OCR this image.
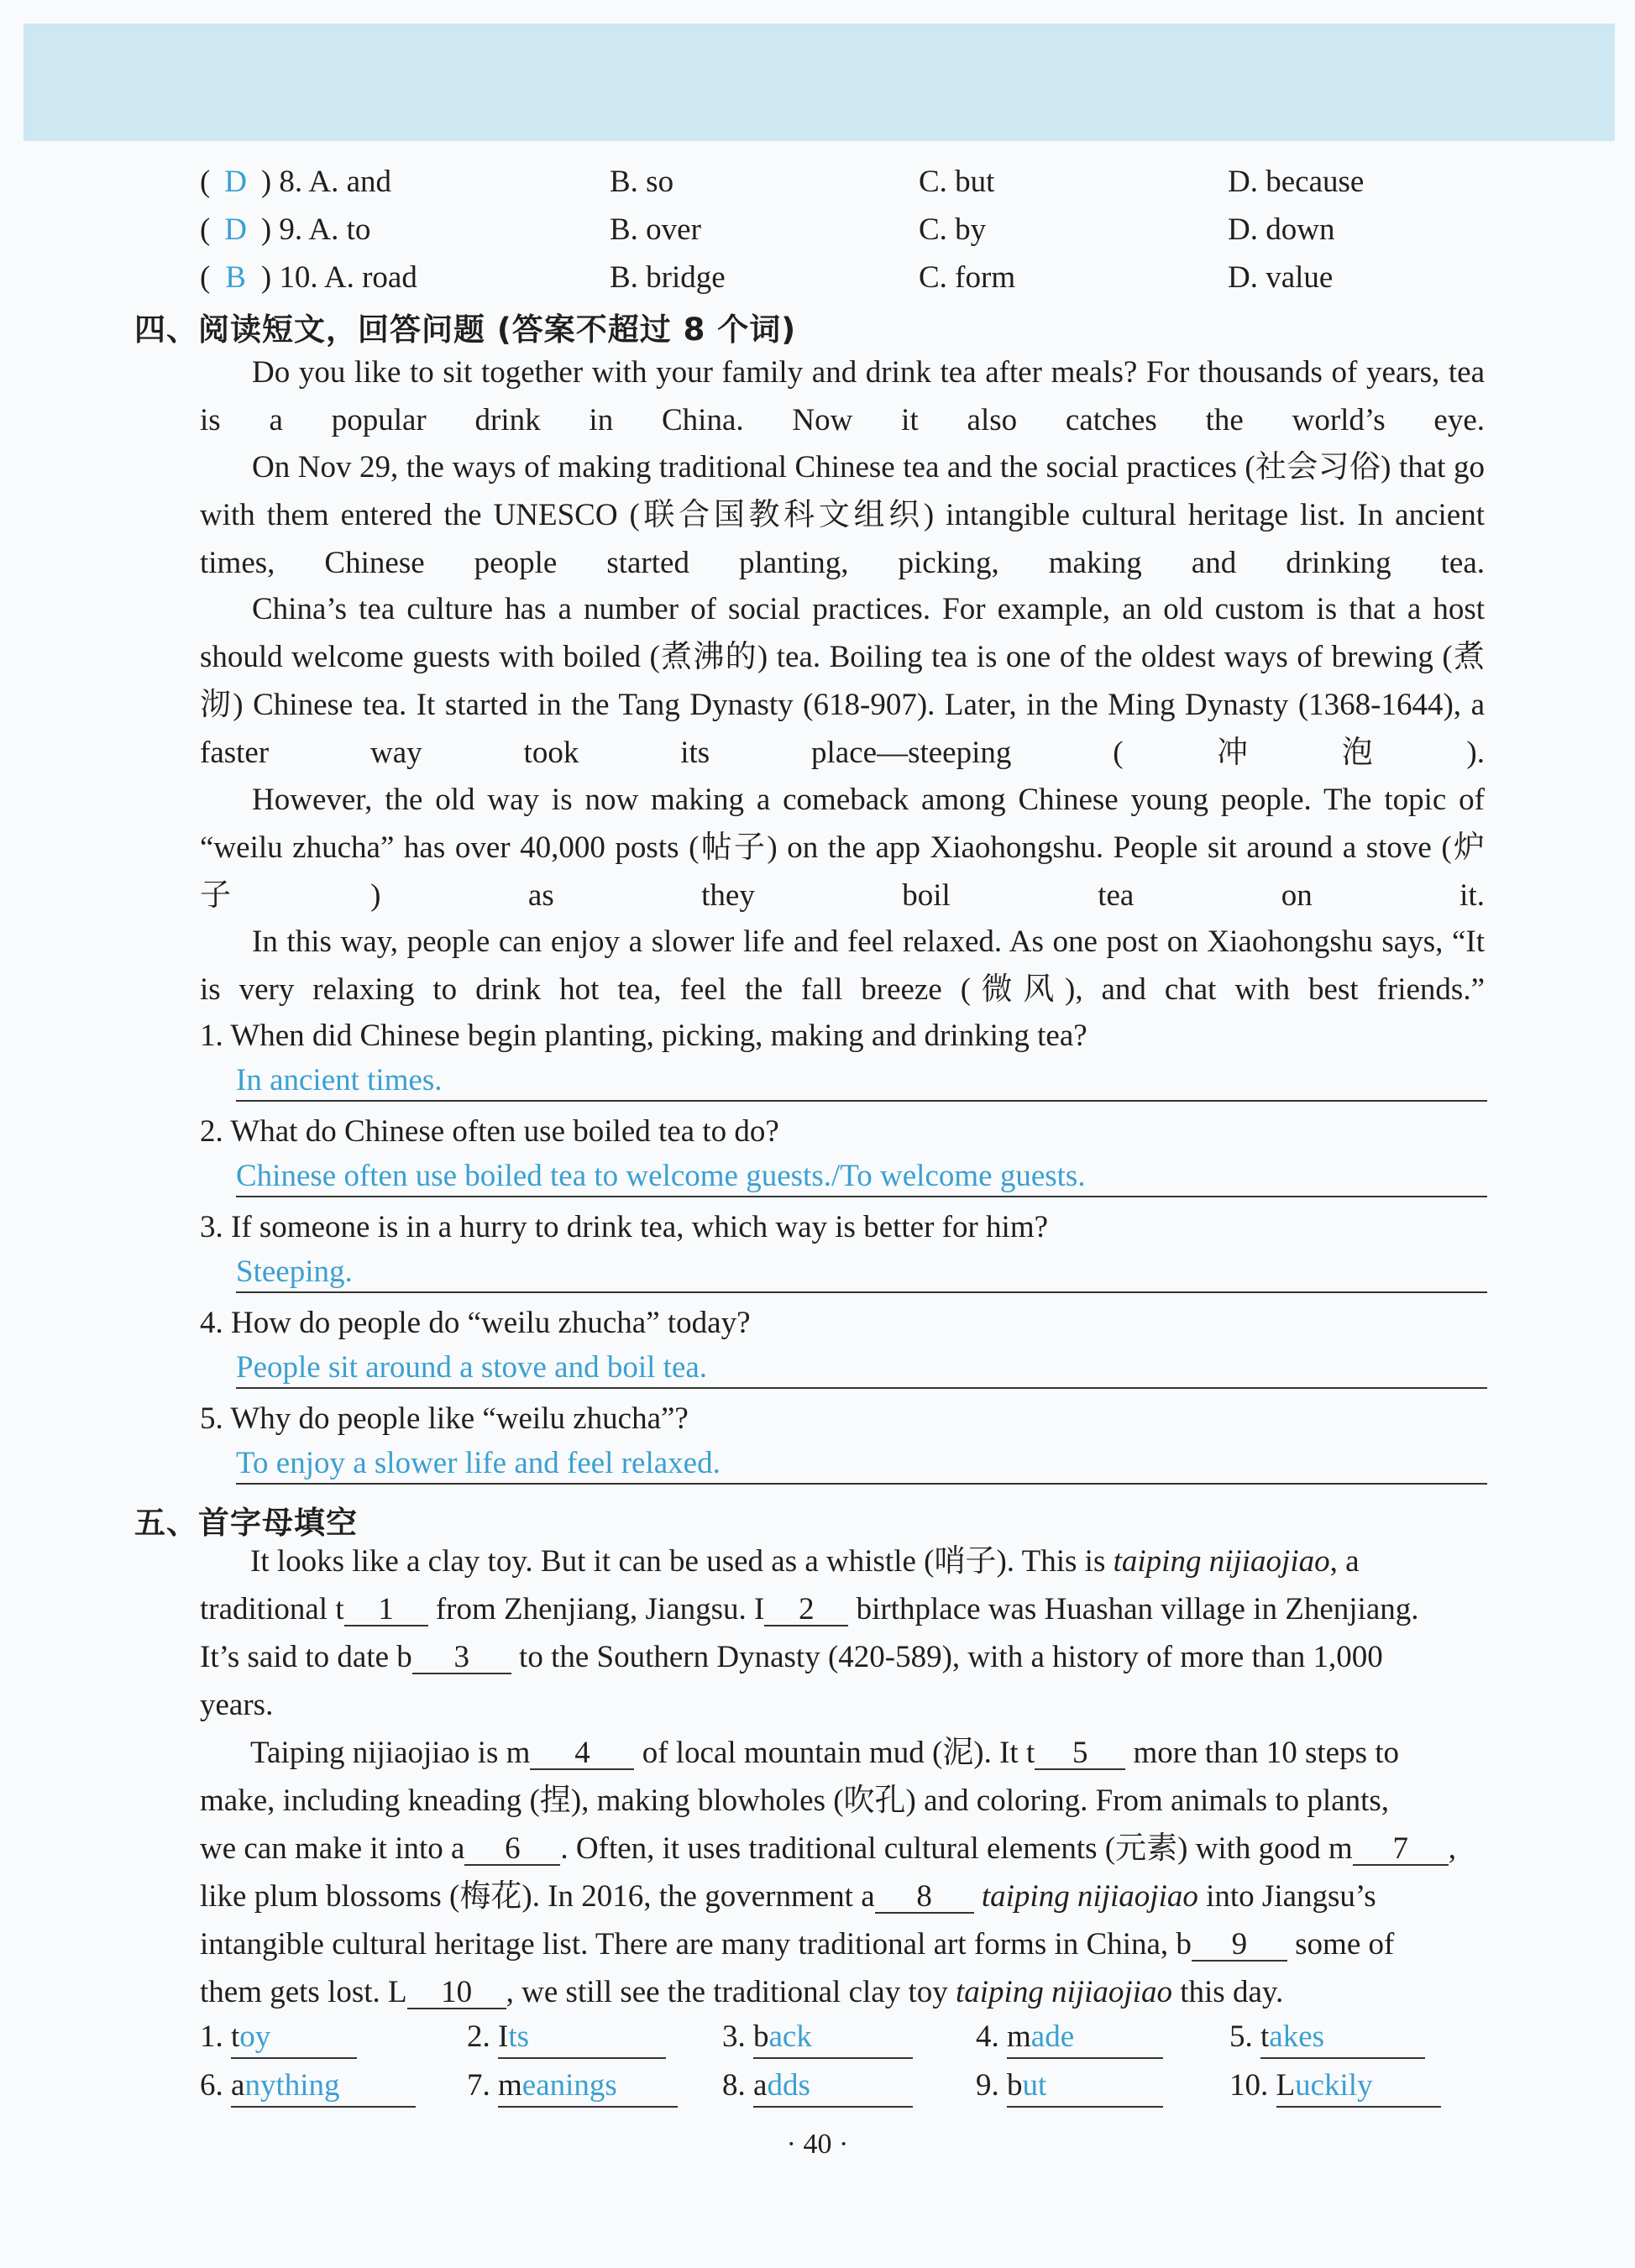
( D ) 8. A. and	B. so	C. but	D. because
( D ) 9. A. to	B. over	C. by	D. down
( B ) 10. A. road	B. bridge	C. form	D. value
四、阅读短文，回答问题 (答案不超过 8 个词)
Do you like to sit together with your family and drink tea after meals? For thousands of years, tea is a popular drink in China. Now it also catches the world’s eye.
On Nov 29, the ways of making traditional Chinese tea and the social practices (社会习俗) that go with them entered the UNESCO (联合国教科文组织) intangible cultural heritage list. In ancient times, Chinese people started planting, picking, making and drinking tea.
China’s tea culture has a number of social practices. For example, an old custom is that a host should welcome guests with boiled (煮沸的) tea. Boiling tea is one of the oldest ways of brewing (煮沏) Chinese tea. It started in the Tang Dynasty (618-907). Later, in the Ming Dynasty (1368-1644), a faster way took its place—steeping (冲泡).
However, the old way is now making a comeback among Chinese young people. The topic of “weilu zhucha” has over 40,000 posts (帖子) on the app Xiaohongshu. People sit around a stove (炉子) as they boil tea on it.
In this way, people can enjoy a slower life and feel relaxed. As one post on Xiaohongshu says, “It is very relaxing to drink hot tea, feel the fall breeze (微风), and chat with best friends.”
1. When did Chinese begin planting, picking, making and drinking tea?
In ancient times.
2. What do Chinese often use boiled tea to do?
Chinese often use boiled tea to welcome guests./To welcome guests.
3. If someone is in a hurry to drink tea, which way is better for him?
Steeping.
4. How do people do “weilu zhucha” today?
People sit around a stove and boil tea.
5. Why do people like “weilu zhucha”?
To enjoy a slower life and feel relaxed.
五、首字母填空
It looks like a clay toy. But it can be used as a whistle (哨子). This is taiping nijiaojiao, a
traditional t 1 from Zhenjiang, Jiangsu. I 2 birthplace was Huashan village in Zhenjiang.
It’s said to date b 3 to the Southern Dynasty (420-589), with a history of more than 1,000
years.
Taiping nijiaojiao is m 4 of local mountain mud (泥). It t 5 more than 10 steps to
make, including kneading (捏), making blowholes (吹孔) and coloring. From animals to plants,
we can make it into a 6 . Often, it uses traditional cultural elements (元素) with good m 7 ,
like plum blossoms (梅花). In 2016, the government a 8 taiping nijiaojiao into Jiangsu’s
intangible cultural heritage list. There are many traditional art forms in China, b 9 some of
them gets lost. L 10 , we still see the traditional clay toy taiping nijiaojiao this day.
1. toy	2. Its	3. back	4. made	5. takes
6. anything	7. meanings	8. adds	9. but	10. Luckily
· 40 ·
